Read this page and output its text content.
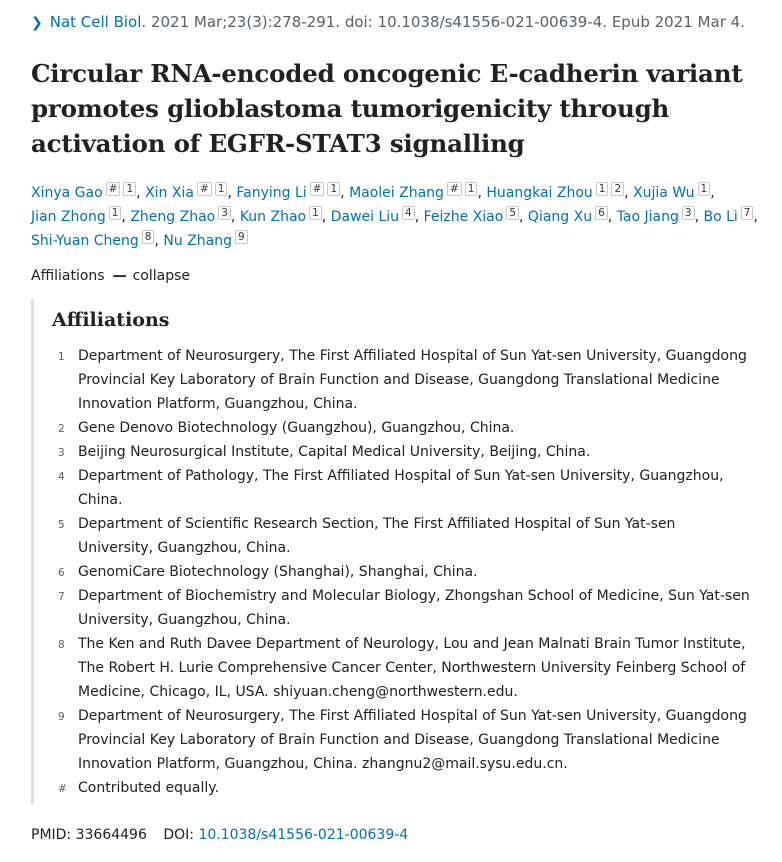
❯ Nat Cell Biol. 2021 Mar;23(3):278-291. doi: 10.1038/s41556-021-00639-4. Epub 2021 Mar 4.
Circular RNA-encoded oncogenic E-cadherin variant promotes glioblastoma tumorigenicity through activation of EGFR-STAT3 signalling
Xinya Gao # 1 , Xin Xia # 1 , Fanying Li # 1 , Maolei Zhang # 1 , Huangkai Zhou 1 2 , Xujia Wu 1 , Jian Zhong 1 , Zheng Zhao 3 , Kun Zhao 1 , Dawei Liu 4 , Feizhe Xiao 5 , Qiang Xu 6 , Tao Jiang 3 , Bo Li 7 , Shi-Yuan Cheng 8 , Nu Zhang 9
Affiliations — collapse
Affiliations
1 Department of Neurosurgery, The First Affiliated Hospital of Sun Yat-sen University, Guangdong Provincial Key Laboratory of Brain Function and Disease, Guangdong Translational Medicine Innovation Platform, Guangzhou, China.
2 Gene Denovo Biotechnology (Guangzhou), Guangzhou, China.
3 Beijing Neurosurgical Institute, Capital Medical University, Beijing, China.
4 Department of Pathology, The First Affiliated Hospital of Sun Yat-sen University, Guangzhou, China.
5 Department of Scientific Research Section, The First Affiliated Hospital of Sun Yat-sen University, Guangzhou, China.
6 GenomiCare Biotechnology (Shanghai), Shanghai, China.
7 Department of Biochemistry and Molecular Biology, Zhongshan School of Medicine, Sun Yat-sen University, Guangzhou, China.
8 The Ken and Ruth Davee Department of Neurology, Lou and Jean Malnati Brain Tumor Institute, The Robert H. Lurie Comprehensive Cancer Center, Northwestern University Feinberg School of Medicine, Chicago, IL, USA. shiyuan.cheng@northwestern.edu.
9 Department of Neurosurgery, The First Affiliated Hospital of Sun Yat-sen University, Guangdong Provincial Key Laboratory of Brain Function and Disease, Guangdong Translational Medicine Innovation Platform, Guangzhou, China. zhangnu2@mail.sysu.edu.cn.
# Contributed equally.
PMID: 33664496 DOI: 10.1038/s41556-021-00639-4
